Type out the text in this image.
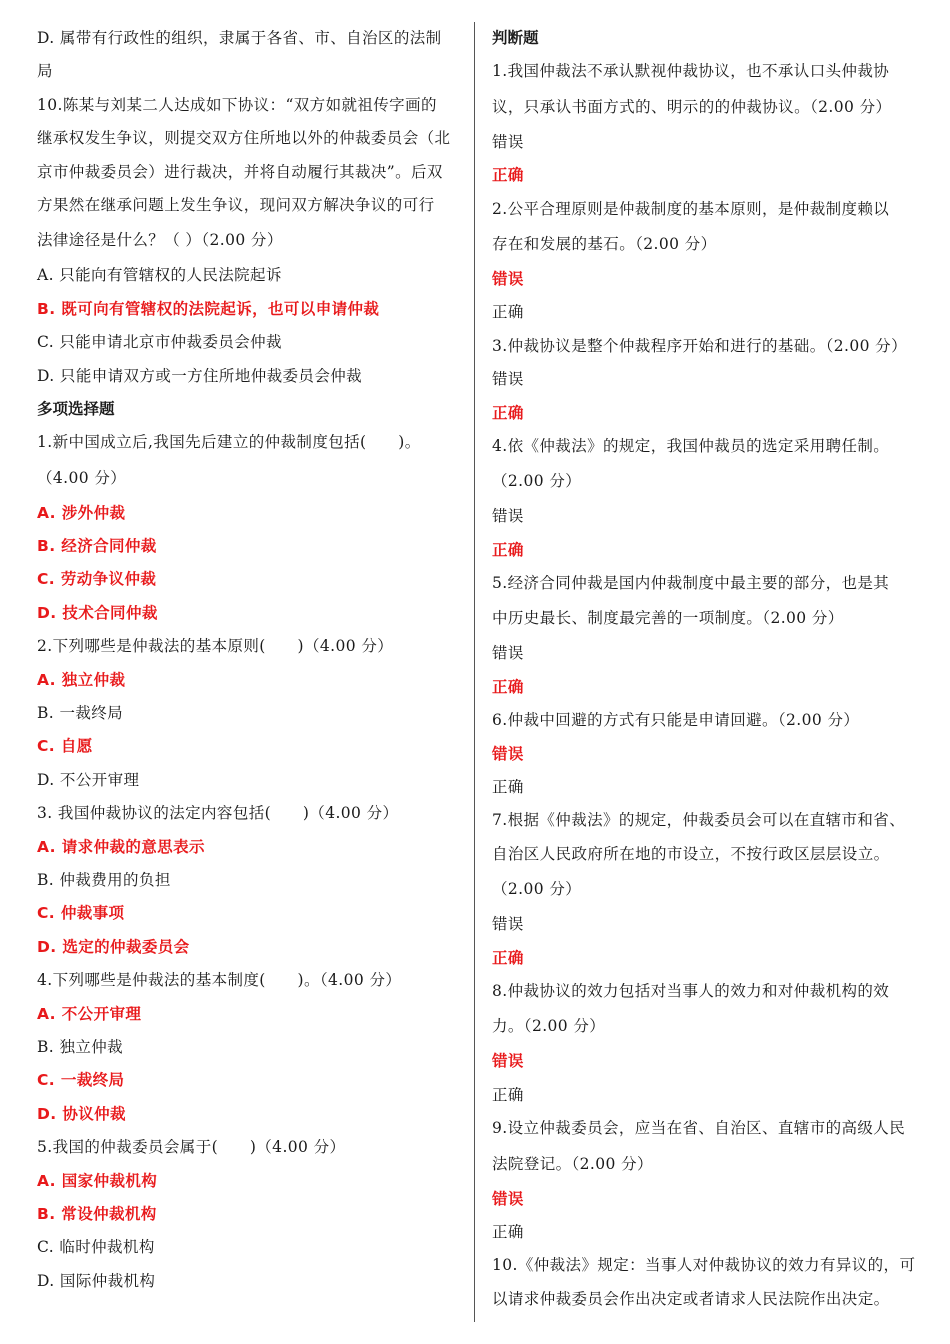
D. 属带有行政性的组织，隶属于各省、市、自治区的法制
局
10.陈某与刘某二人达成如下协议：“双方如就祖传字画的
继承权发生争议，则提交双方住所地以外的仲裁委员会（北
京市仲裁委员会）进行裁决，并将自动履行其裁决”。后双
方果然在继承问题上发生争议，现问双方解决争议的可行
法律途径是什么？（ ）（2.00 分）
A. 只能向有管辖权的人民法院起诉
B. 既可向有管辖权的法院起诉，也可以申请仲裁
C. 只能申请北京市仲裁委员会仲裁
D. 只能申请双方或一方住所地仲裁委员会仲裁
多项选择题
1.新中国成立后,我国先后建立的仲裁制度包括(　　)。
（4.00 分）
A. 涉外仲裁
B. 经济合同仲裁
C. 劳动争议仲裁
D. 技术合同仲裁
2.下列哪些是仲裁法的基本原则(　　)（4.00 分）
A. 独立仲裁
B. 一裁终局
C. 自愿
D. 不公开审理
3. 我国仲裁协议的法定内容包括(　　)（4.00 分）
A. 请求仲裁的意思表示
B. 仲裁费用的负担
C. 仲裁事项
D. 选定的仲裁委员会
4.下列哪些是仲裁法的基本制度(　　)。（4.00 分）
A. 不公开审理
B. 独立仲裁
C. 一裁终局
D. 协议仲裁
5.我国的仲裁委员会属于(　　)（4.00 分）
A. 国家仲裁机构
B. 常设仲裁机构
C. 临时仲裁机构
D. 国际仲裁机构
判断题
1.我国仲裁法不承认默视仲裁协议，也不承认口头仲裁协
议，只承认书面方式的、明示的的仲裁协议。（2.00 分）
错误
正确
2.公平合理原则是仲裁制度的基本原则，是仲裁制度赖以
存在和发展的基石。（2.00 分）
错误
正确
3.仲裁协议是整个仲裁程序开始和进行的基础。（2.00 分）
错误
正确
4.依《仲裁法》的规定，我国仲裁员的选定采用聘任制。
（2.00 分）
错误
正确
5.经济合同仲裁是国内仲裁制度中最主要的部分，也是其
中历史最长、制度最完善的一项制度。（2.00 分）
错误
正确
6.仲裁中回避的方式有只能是申请回避。（2.00 分）
错误
正确
7.根据《仲裁法》的规定，仲裁委员会可以在直辖市和省、
自治区人民政府所在地的市设立，不按行政区层层设立。
（2.00 分）
错误
正确
8.仲裁协议的效力包括对当事人的效力和对仲裁机构的效
力。（2.00 分）
错误
正确
9.设立仲裁委员会，应当在省、自治区、直辖市的高级人民
法院登记。（2.00 分）
错误
正确
10.《仲裁法》规定：当事人对仲裁协议的效力有异议的，可
以请求仲裁委员会作出决定或者请求人民法院作出决定。
